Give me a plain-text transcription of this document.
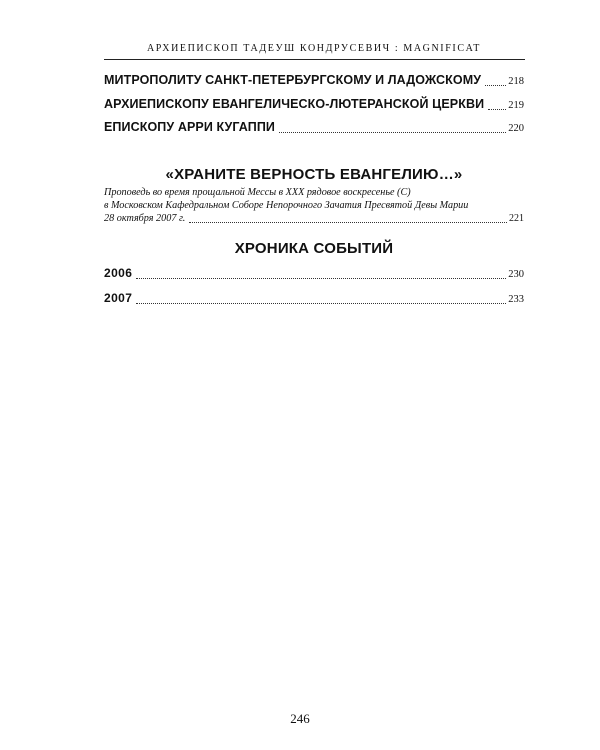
АРХИЕПИСКОП ТАДЕУШ КОНДРУСЕВИЧ : MAGNIFICAT
МИТРОПОЛИТУ САНКТ-ПЕТЕРБУРГСКОМУ И ЛАДОЖСКОМУ	218
АРХИЕПИСКОПУ ЕВАНГЕЛИЧЕСКО-ЛЮТЕРАНСКОЙ ЦЕРКВИ 219
ЕПИСКОПУ АРРИ КУГАППИ	220
«ХРАНИТЕ ВЕРНОСТЬ ЕВАНГЕЛИЮ…»
Проповедь во время прощальной Мессы в XXX рядовое воскресенье (С)
в Московском Кафедральном Соборе Непорочного Зачатия Пресвятой Девы Марии
28 октября 2007 г.	221
ХРОНИКА СОБЫТИЙ
2006	230
2007	233
246
